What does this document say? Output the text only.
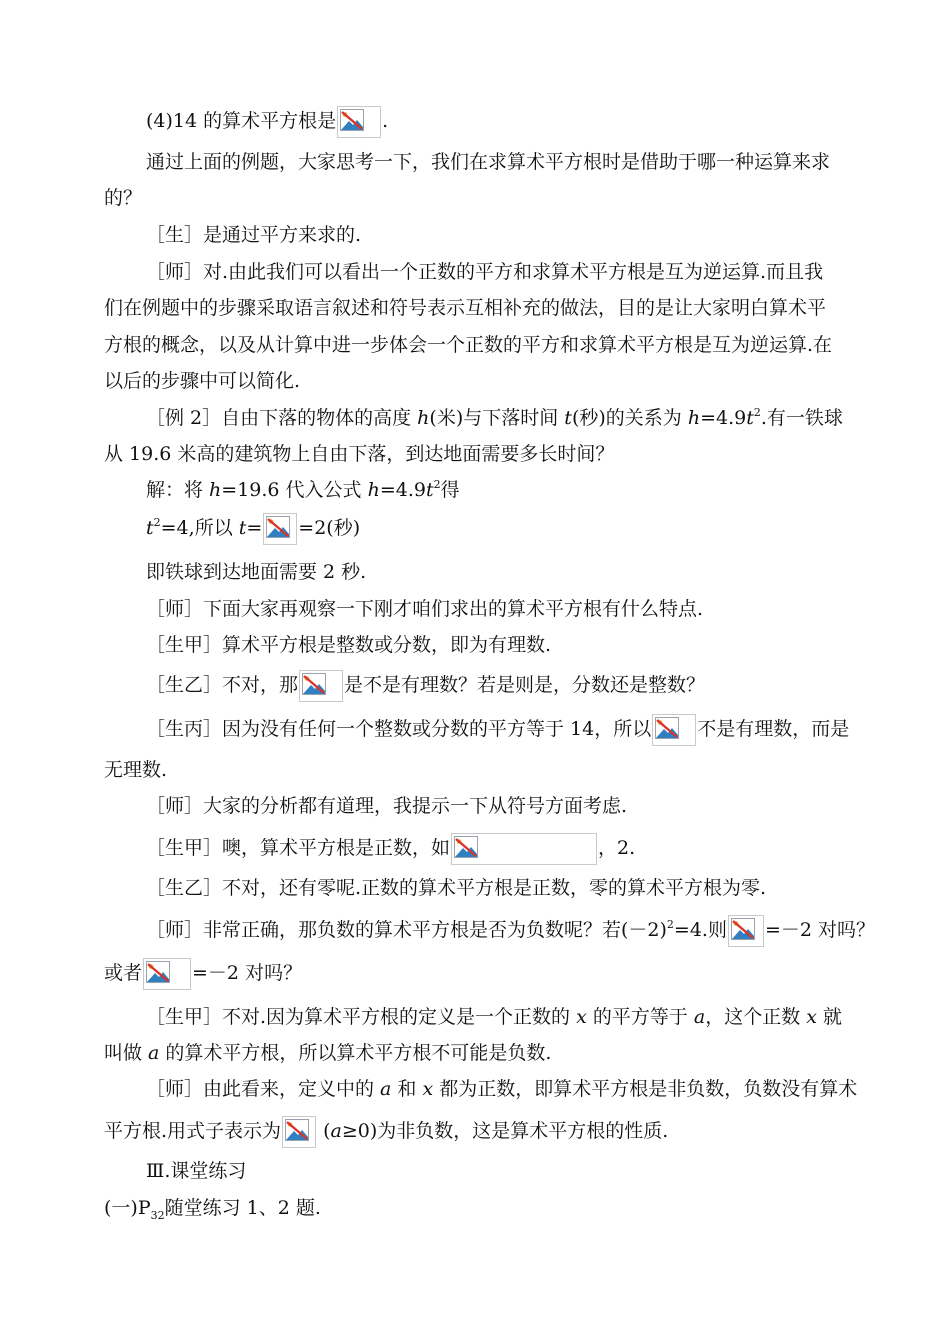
(4)14 的算术平方根是 .
通过上面的例题，大家思考一下，我们在求算术平方根时是借助于哪一种运算来求
的？
［生］是通过平方来求的.
［师］对.由此我们可以看出一个正数的平方和求算术平方根是互为逆运算.而且我
们在例题中的步骤采取语言叙述和符号表示互相补充的做法，目的是让大家明白算术平
方根的概念，以及从计算中进一步体会一个正数的平方和求算术平方根是互为逆运算.在
以后的步骤中可以简化.
［例 2］自由下落的物体的高度 h(米)与下落时间 t(秒)的关系为 $h=4.9t^2$.有一铁球
从 19.6 米高的建筑物上自由下落，到达地面需要多长时间？
解：将 h=19.6 代入公式 $h=4.9t^2$得
$t^2=4$,所以 t= =2(秒)
即铁球到达地面需要 2 秒.
［师］下面大家再观察一下刚才咱们求出的算术平方根有什么特点.
［生甲］算术平方根是整数或分数，即为有理数.
［生乙］不对，那 是不是有理数？若是则是，分数还是整数？
［生丙］因为没有任何一个整数或分数的平方等于 14，所以 不是有理数，而是
无理数.
［师］大家的分析都有道理，我提示一下从符号方面考虑.
［生甲］噢，算术平方根是正数，如	，2.
［生乙］不对，还有零呢.正数的算术平方根是正数，零的算术平方根为零.
［师］非常正确，那负数的算术平方根是否为负数呢？若$(-2)^2=4$.则 =－2 对吗？
或者	=－2 对吗？
［生甲］不对.因为算术平方根的定义是一个正数的 x 的平方等于 a，这个正数 x 就
叫做 a 的算术平方根，所以算术平方根不可能是负数.
［师］由此看来，定义中的 a 和 x 都为正数，即算术平方根是非负数，负数没有算术
平方根.用式子表示为
(a≥0)为非负数，这是算术平方根的性质.
Ⅲ.课堂练习
(一)$P_{32}$随堂练习 1、2 题.
